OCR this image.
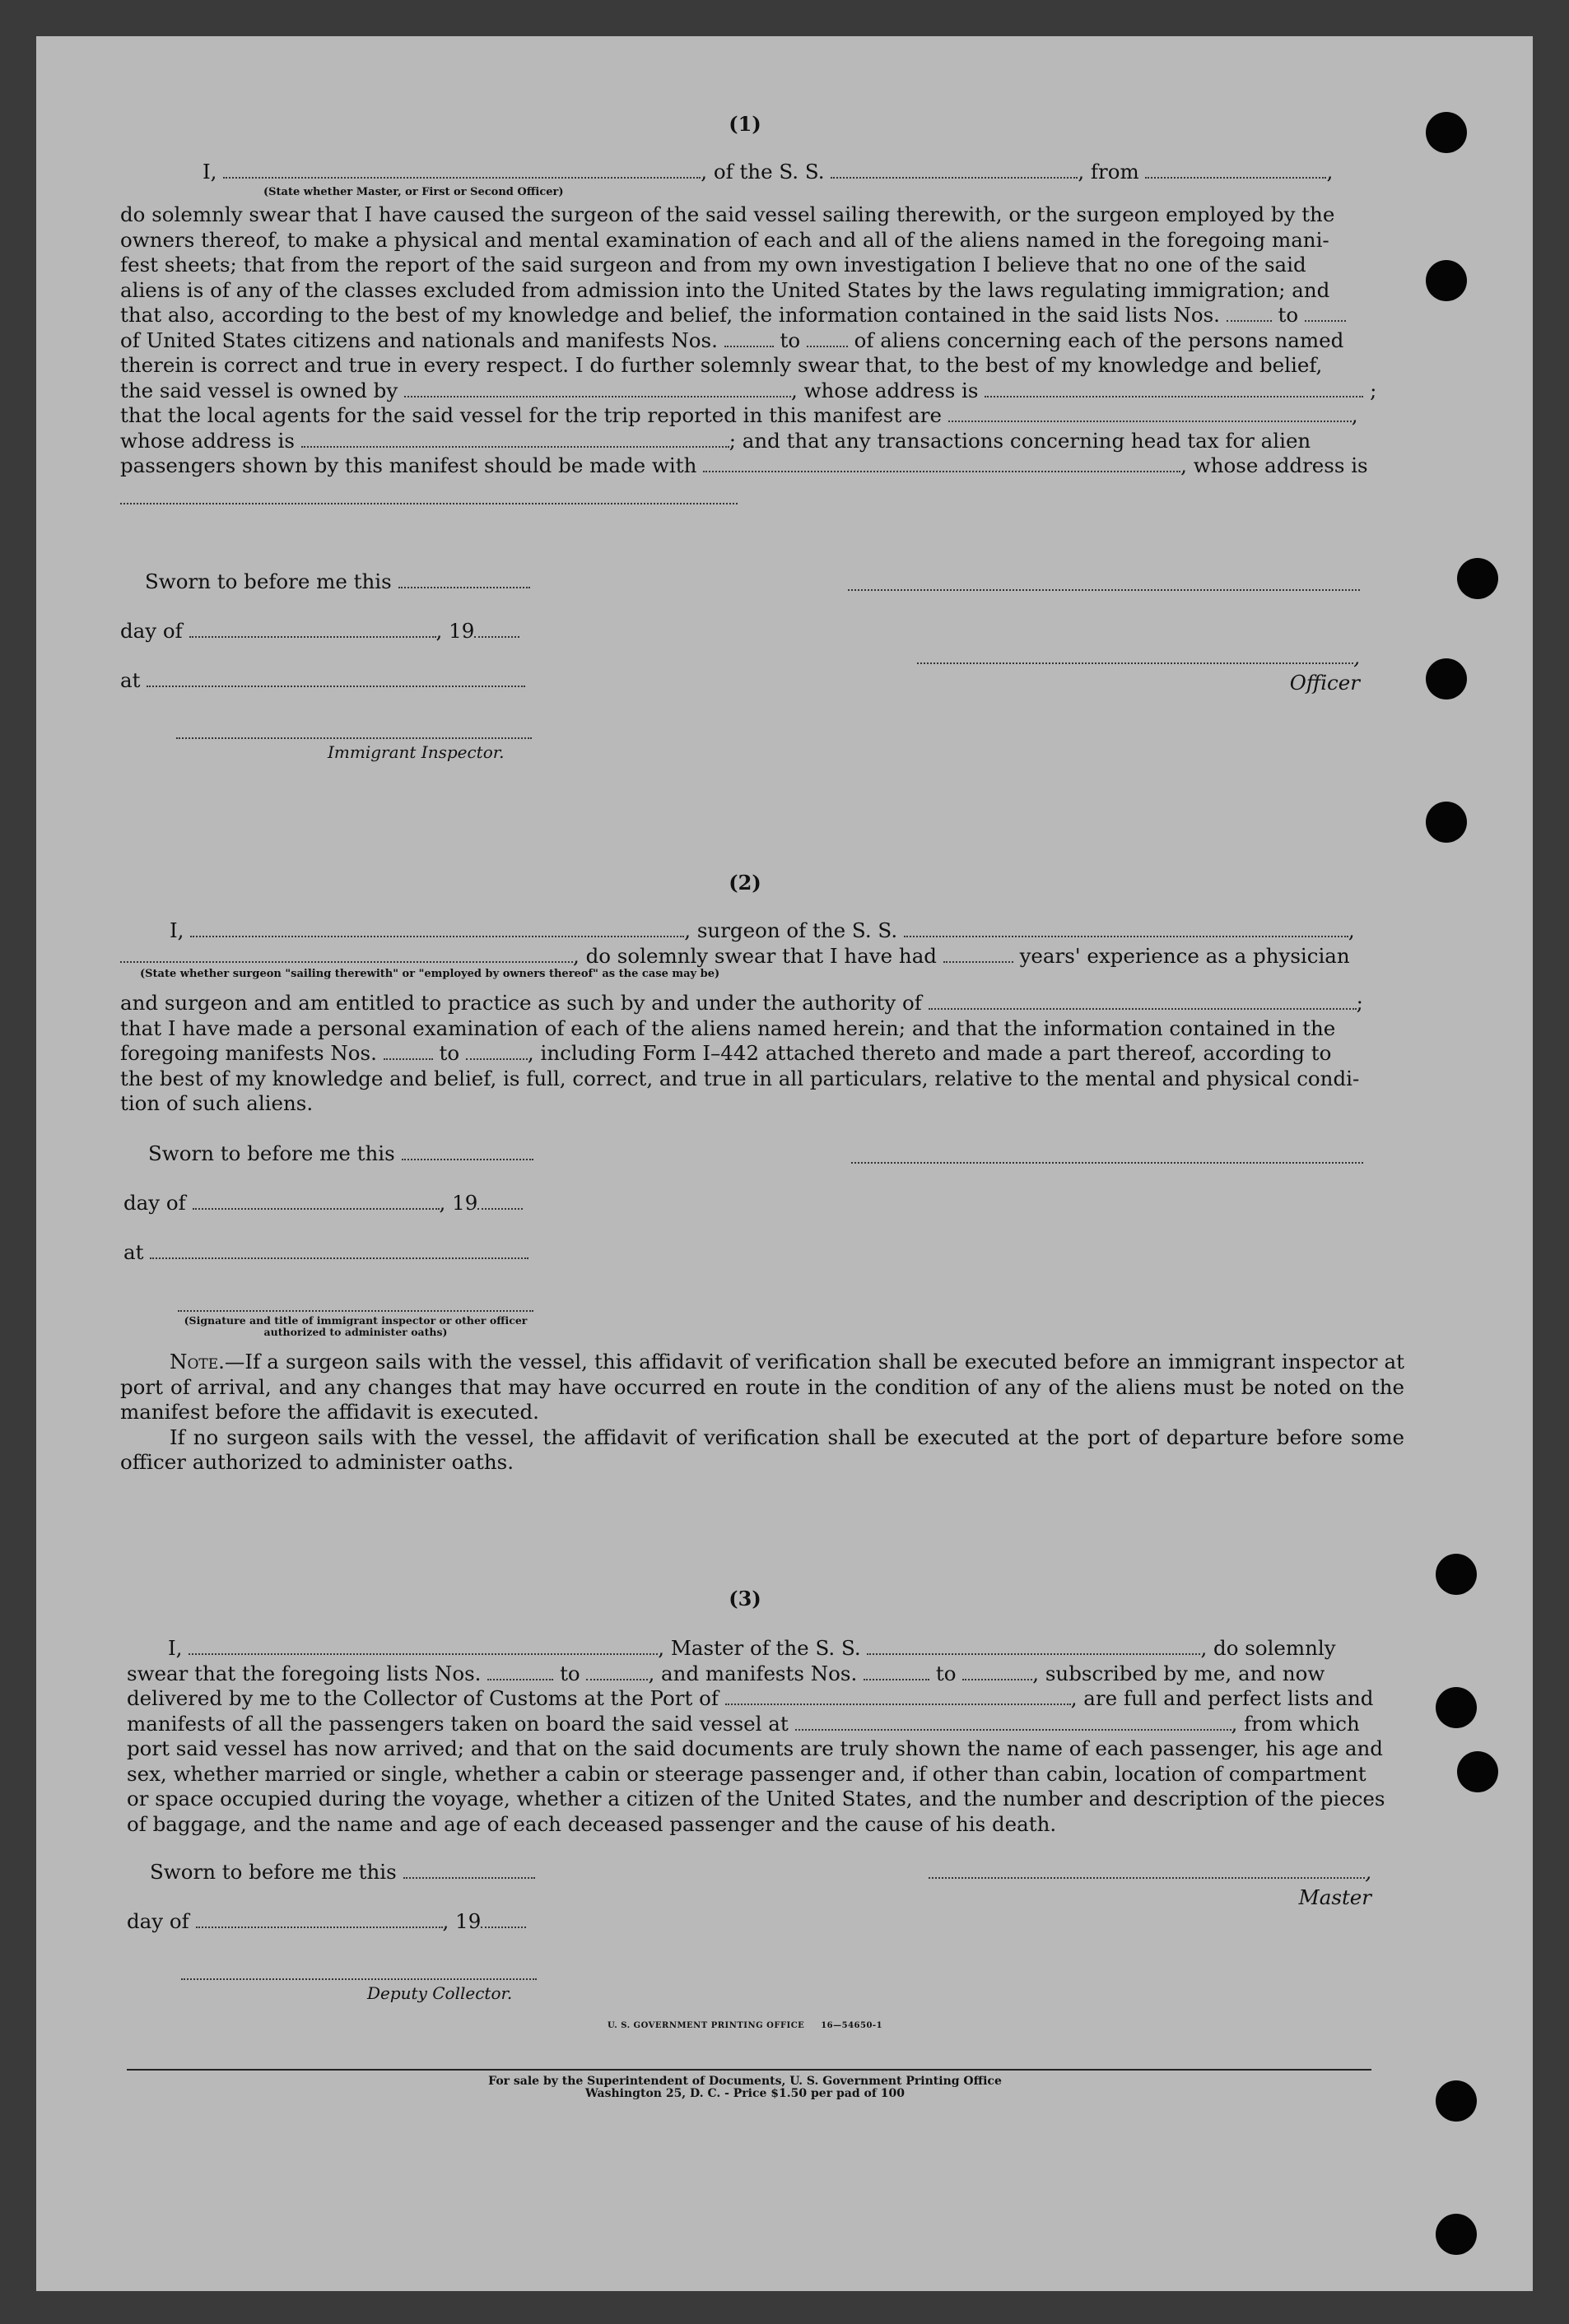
(1)
I,	, of the S. S.	, from	,
(State whether Master, or First or Second Officer)
do solemnly swear that I have caused the surgeon of the said vessel sailing therewith, or the surgeon employed by the
owners thereof, to make a physical and mental examination of each and all of the aliens named in the foregoing mani-
fest sheets; that from the report of the said surgeon and from my own investigation I believe that no one of the said
aliens is of any of the classes excluded from admission into the United States by the laws regulating immigration; and
that also, according to the best of my knowledge and belief, the information contained in the said lists Nos.	to
of United States citizens and nationals and manifests Nos.	to	of aliens concerning each of the persons named
therein is correct and true in every respect. I do further solemnly swear that, to the best of my knowledge and belief,
the said vessel is owned by	, whose address is	;
that the local agents for the said vessel for the trip reported in this manifest are	,
whose address is	; and that any transactions concerning head tax for alien
passengers shown by this manifest should be made with	, whose address is
Sworn to before me this
day of	, 19
at
Immigrant Inspector.
, Officer
(2)
I,	, surgeon of the S. S.	,
, do solemnly swear that I have had	years' experience as a physician
(State whether surgeon "sailing therewith" or "employed by owners thereof" as the case may be)
and surgeon and am entitled to practice as such by and under the authority of	;
that I have made a personal examination of each of the aliens named herein; and that the information contained in the
foregoing manifests Nos.	to	, including Form I–442 attached thereto and made a part thereof, according to
the best of my knowledge and belief, is full, correct, and true in all particulars, relative to the mental and physical condi-
tion of such aliens.
Sworn to before me this
day of	, 19
at
(Signature and title of immigrant inspector or other officer authorized to administer oaths)
Note.—If a surgeon sails with the vessel, this affidavit of verification shall be executed before an immigrant inspector at port of arrival, and any changes that may have occurred en route in the condition of any of the aliens must be noted on the manifest before the affidavit is executed.
If no surgeon sails with the vessel, the affidavit of verification shall be executed at the port of departure before some officer authorized to administer oaths.
(3)
I,	, Master of the S. S.	, do solemnly
swear that the foregoing lists Nos.	to	, and manifests Nos.	to	, subscribed by me, and now
delivered by me to the Collector of Customs at the Port of	, are full and perfect lists and
manifests of all the passengers taken on board the said vessel at	, from which
port said vessel has now arrived; and that on the said documents are truly shown the name of each passenger, his age and
sex, whether married or single, whether a cabin or steerage passenger and, if other than cabin, location of compartment
or space occupied during the voyage, whether a citizen of the United States, and the number and description of the pieces
of baggage, and the name and age of each deceased passenger and the cause of his death.
Sworn to before me this
day of	, 19
Deputy Collector.
, Master
U. S. GOVERNMENT PRINTING OFFICE     16—54650-1
For sale by the Superintendent of Documents, U. S. Government Printing Office
Washington 25, D. C. - Price $1.50 per pad of 100
